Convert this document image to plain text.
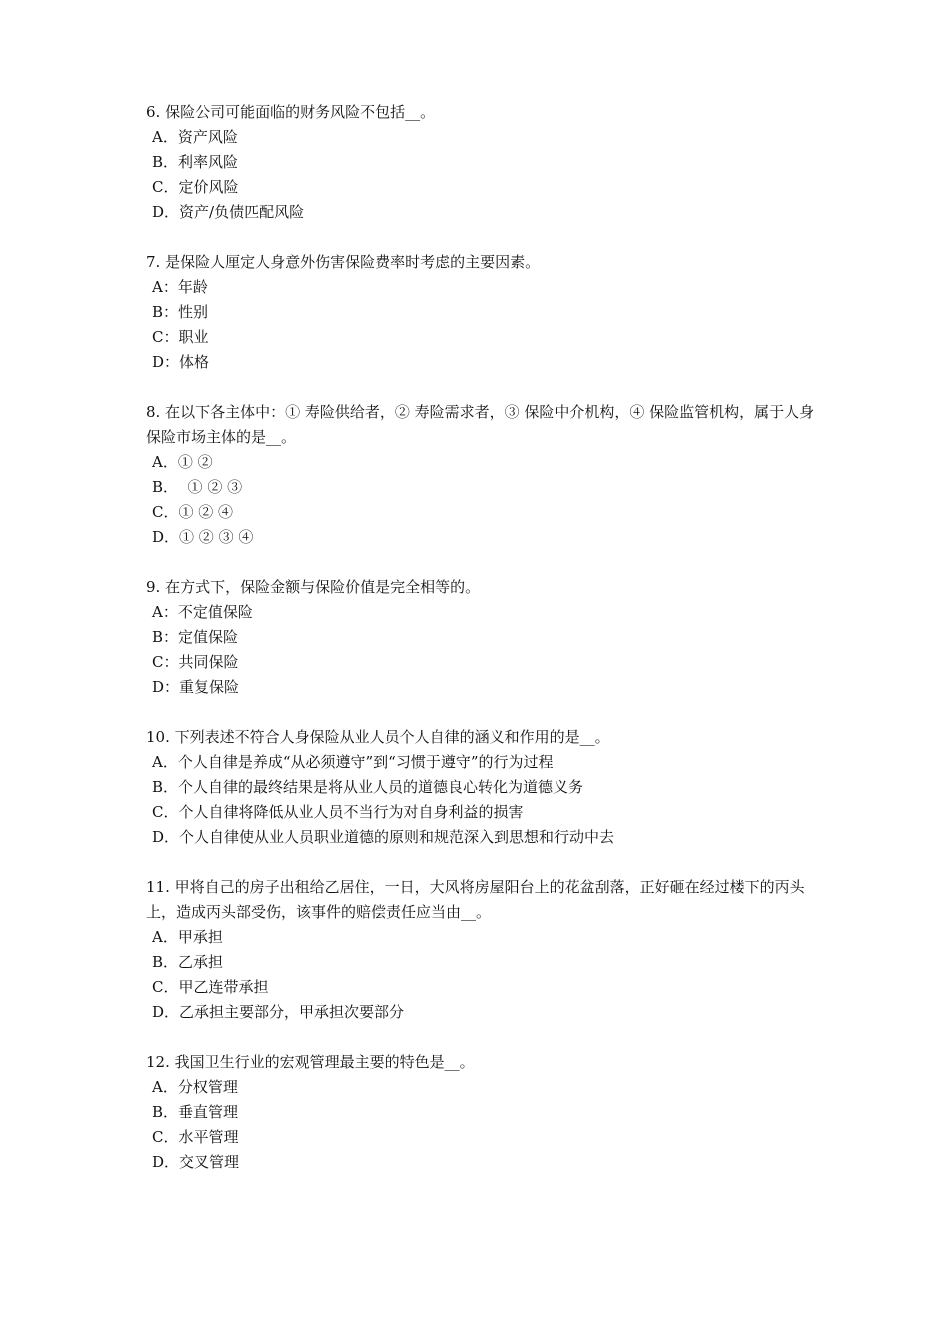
6. 保险公司可能面临的财务风险不包括__。

A．资产风险

B．利率风险

C．定价风险

D．资产/负债匹配风险

7. 是保险人厘定人身意外伤害保险费率时考虑的主要因素。

A：年龄

B：性别

C：职业

D：体格

8. 在以下各主体中：① 寿险供给者，② 寿险需求者，③ 保险中介机构，④ 保险监管机构，属于人身保险市场主体的是__。

A．① ②

B．  ① ② ③

C．① ② ④

D．① ② ③ ④

9. 在方式下，保险金额与保险价值是完全相等的。

A：不定值保险

B：定值保险

C：共同保险

D：重复保险

10. 下列表述不符合人身保险从业人员个人自律的涵义和作用的是__。

A．个人自律是养成“从必须遵守”到“习惯于遵守”的行为过程

B．个人自律的最终结果是将从业人员的道德良心转化为道德义务

C．个人自律将降低从业人员不当行为对自身利益的损害

D．个人自律使从业人员职业道德的原则和规范深入到思想和行动中去

11. 甲将自己的房子出租给乙居住，一日，大风将房屋阳台上的花盆刮落，正好砸在经过楼下的丙头上，造成丙头部受伤，该事件的赔偿责任应当由__。

A．甲承担

B．乙承担

C．甲乙连带承担

D．乙承担主要部分，甲承担次要部分

12. 我国卫生行业的宏观管理最主要的特色是__。

A．分权管理

B．垂直管理

C．水平管理

D．交叉管理
